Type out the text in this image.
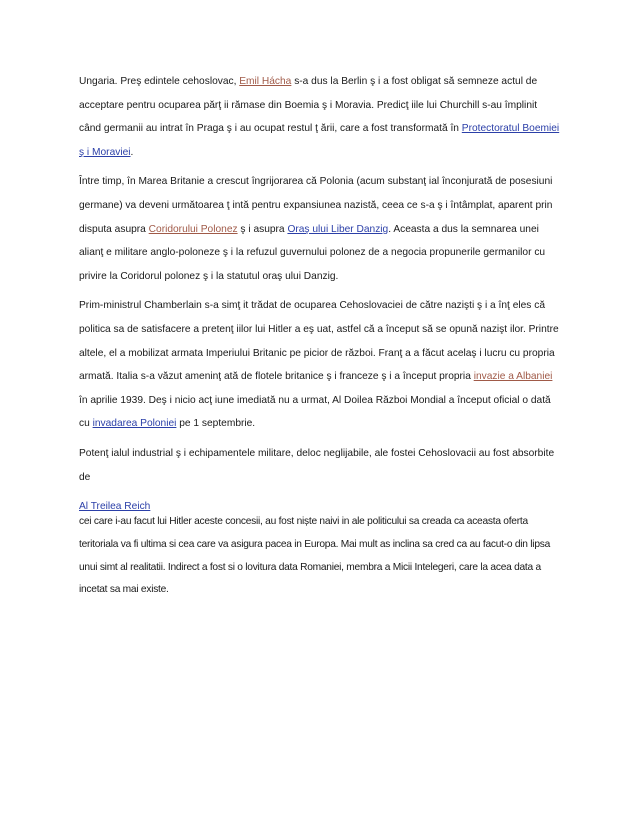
Ungaria. Preş edintele cehoslovac, Emil Hácha s-a dus la Berlin ş i a fost obligat să semneze actul de acceptare pentru ocuparea părţ ii rămase din Boemia ş i Moravia. Predicţ iile lui Churchill s-au împlinit când germanii au intrat în Praga ş i au ocupat restul ţ ării, care a fost transformată în Protectoratul Boemiei ş i Moraviei.

Între timp, în Marea Britanie a crescut îngrijorarea că Polonia (acum substanţ ial înconjurată de posesiuni germane) va deveni următoarea ţ intă pentru expansiunea nazistă, ceea ce s-a ş i întâmplat, aparent prin disputa asupra Coridorului Polonez ş i asupra Oraş ului Liber Danzig. Aceasta a dus la semnarea unei alianţ e militare anglo-poloneze ş i la refuzul guvernului polonez de a negocia propunerile germanilor cu privire la Coridorul polonez ş i la statutul oraş ului Danzig.

Prim-ministrul Chamberlain s-a simţ it trădat de ocuparea Cehoslovaciei de către nazişti ş i a înţ eles că politica sa de satisfacere a pretenţ iilor lui Hitler a eş uat, astfel că a început să se opună nazişt ilor. Printre altele, el a mobilizat armata Imperiului Britanic pe picior de război. Franţ a a făcut acelaş i lucru cu propria armată. Italia s-a văzut ameninţ ată de flotele britanice ş i franceze ş i a început propria invazie a Albaniei în aprilie 1939. Deş i nicio acţ iune imediată nu a urmat, Al Doilea Război Mondial a început oficial o dată cu invadarea Poloniei pe 1 septembrie.

Potenţ ialul industrial ş i echipamentele militare, deloc neglijabile, ale fostei Cehoslovacii au fost absorbite de

Al Treilea Reich

cei care i-au facut lui Hitler aceste concesii, au fost niște naivi in ale politicului sa creada ca aceasta oferta teritoriala va fi ultima si cea care va asigura pacea in Europa. Mai mult as inclina sa cred ca au facut-o din lipsa unui simt al realitatii. Indirect a fost si o lovitura data Romaniei, membra a Micii Intelegeri, care la acea data a incetat sa mai existe.
